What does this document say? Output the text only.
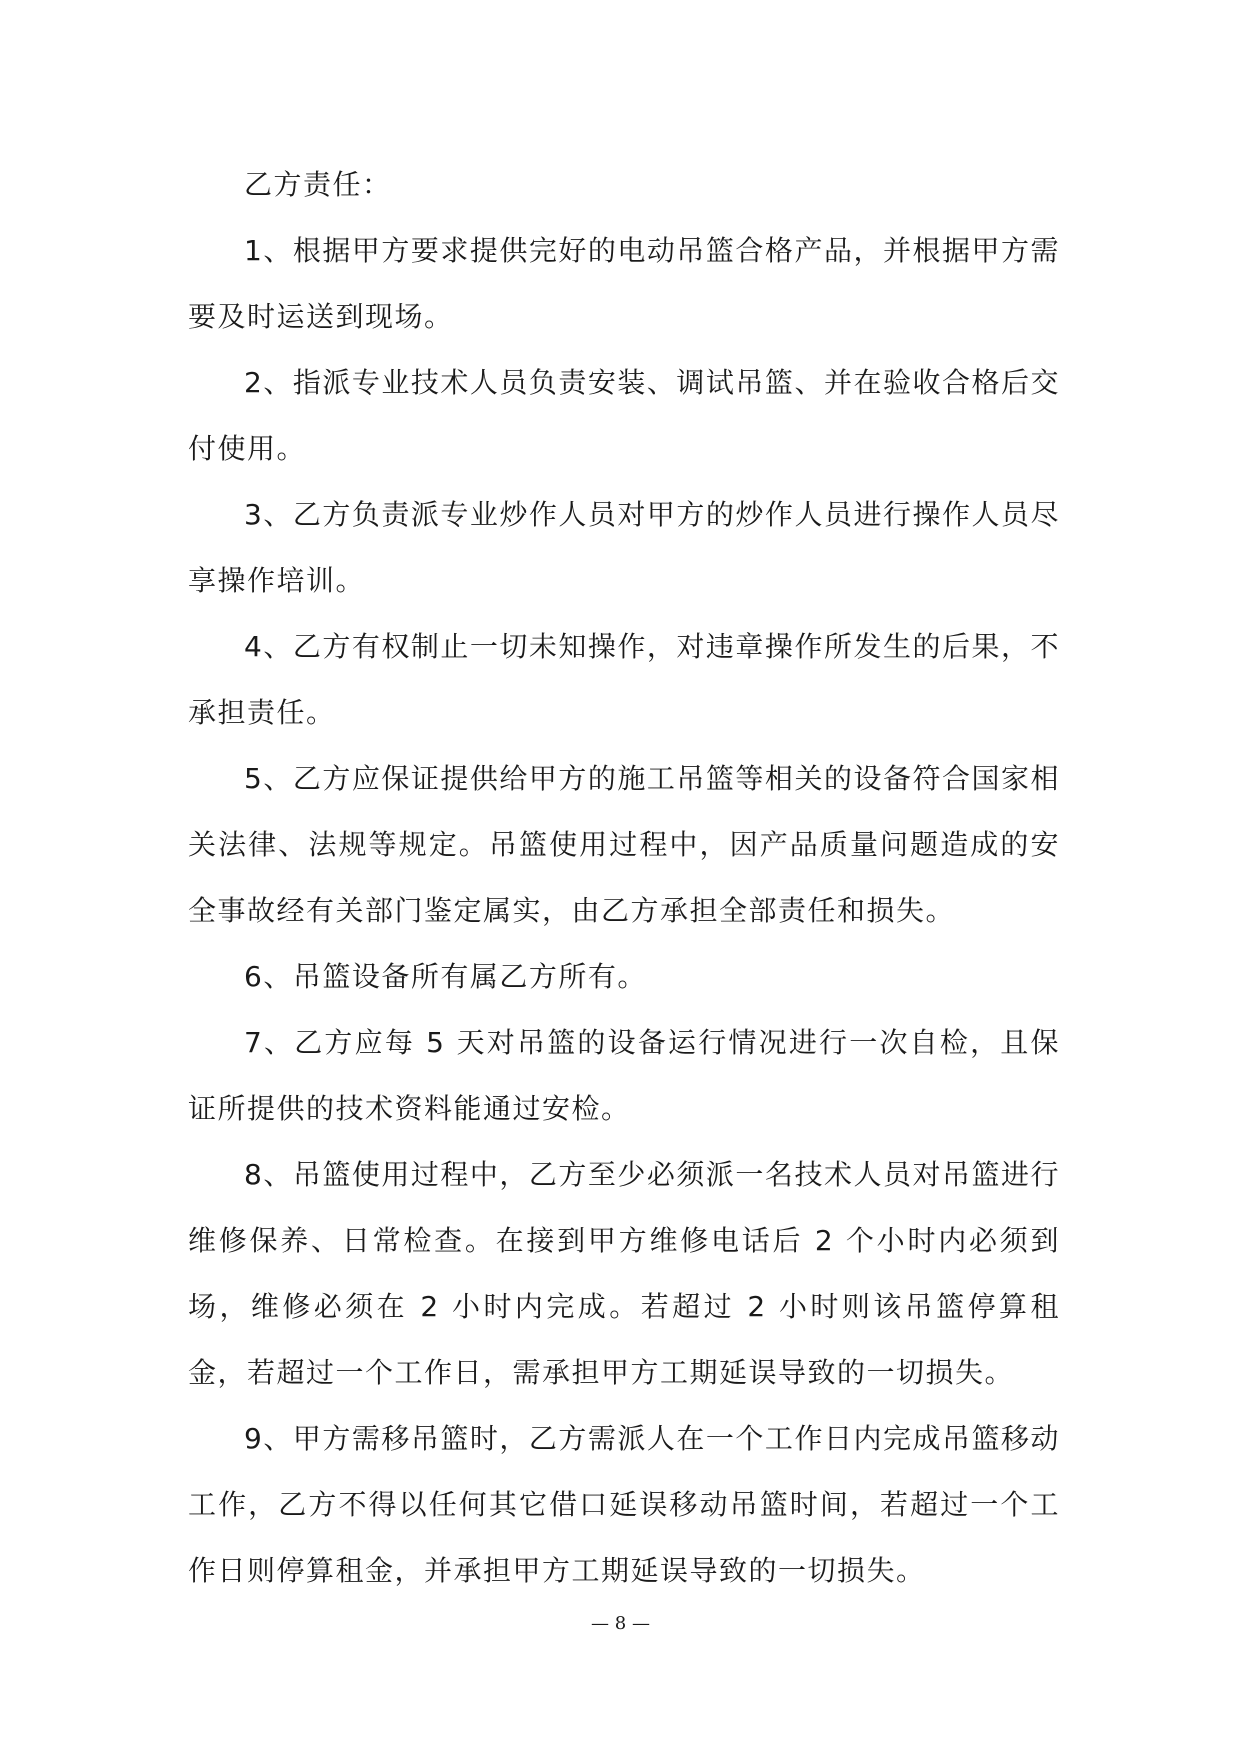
乙方责任：

1、根据甲方要求提供完好的电动吊篮合格产品，并根据甲方需要及时运送到现场。

2、指派专业技术人员负责安装、调试吊篮、并在验收合格后交付使用。

3、乙方负责派专业炒作人员对甲方的炒作人员进行操作人员尽享操作培训。

4、乙方有权制止一切未知操作，对违章操作所发生的后果，不承担责任。

5、乙方应保证提供给甲方的施工吊篮等相关的设备符合国家相关法律、法规等规定。吊篮使用过程中，因产品质量问题造成的安全事故经有关部门鉴定属实，由乙方承担全部责任和损失。

6、吊篮设备所有属乙方所有。

7、乙方应每 5 天对吊篮的设备运行情况进行一次自检，且保证所提供的技术资料能通过安检。

8、吊篮使用过程中，乙方至少必须派一名技术人员对吊篮进行维修保养、日常检查。在接到甲方维修电话后 2 个小时内必须到场，维修必须在 2 小时内完成。若超过 2 小时则该吊篮停算租金，若超过一个工作日，需承担甲方工期延误导致的一切损失。

9、甲方需移吊篮时，乙方需派人在一个工作日内完成吊篮移动工作，乙方不得以任何其它借口延误移动吊篮时间，若超过一个工作日则停算租金，并承担甲方工期延误导致的一切损失。

— 8 —
